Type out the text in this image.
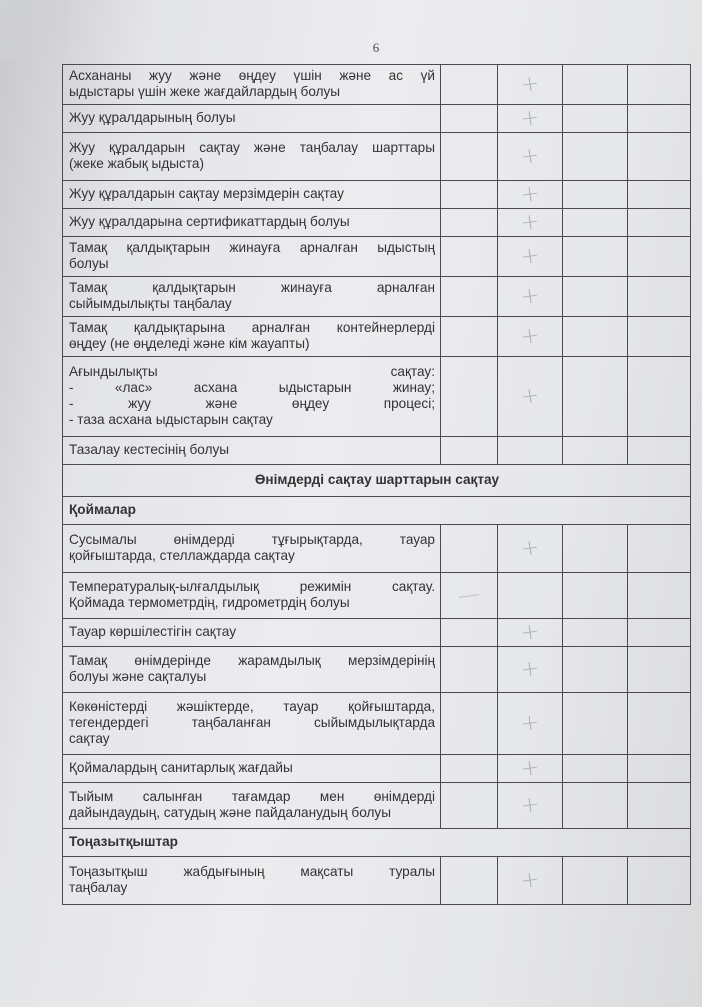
6
Асхананы жуу және өңдеу үшін және ас үй
ыдыстары үшін жеке жағдайлардың болуы		+		

Жуу құралдарының болуы		+		

Жуу құралдарын сақтау және таңбалау шарттары
(жеке жабық ыдыста)		+		

Жуу құралдарын сақтау мерзімдерін сақтау		+		

Жуу құралдарына сертификаттардың болуы		+		

Тамақ қалдықтарын жинауға арналған ыдыстың
болуы		+		

Тамақ қалдықтарын жинауға арналған
сыйымдылықты таңбалау		+		

Тамақ қалдықтарына арналған контейнерлерді
өңдеу (не өңделеді және кім жауапты)		+		

Ағындылықты сақтау:
- «лас» асхана ыдыстарын жинау;
- жуу және өңдеу процесі;
- таза асхана ыдыстарын сақтау		+		

Тазалау кестесінің болуы				

Өнімдерді сақтау шарттарын сақтау				
Қоймалар				

Сусымалы өнімдерді тұғырықтарда, тауар
қойғыштарда, стеллаждарда сақтау		+		

Температуралық-ылғалдылық режимін сақтау.
Қоймада термометрдің, гидрометрдің болуы	—			

Тауар көршілестігін сақтау		+		

Тамақ өнімдерінде жарамдылық мерзімдерінің
болуы және сақталуы		+		

Көкөністерді жәшіктерде, тауар қойғыштарда,
тегендердегі таңбаланған сыйымдылықтарда
сақтау		+		

Қоймалардың санитарлық жағдайы		+		

Тыйым салынған тағамдар мен өнімдерді
дайындаудың, сатудың және пайдаланудың болуы		+		
Тоңазытқыштар				

Тоңазытқыш жабдығының мақсаты туралы
таңбалау		+		
